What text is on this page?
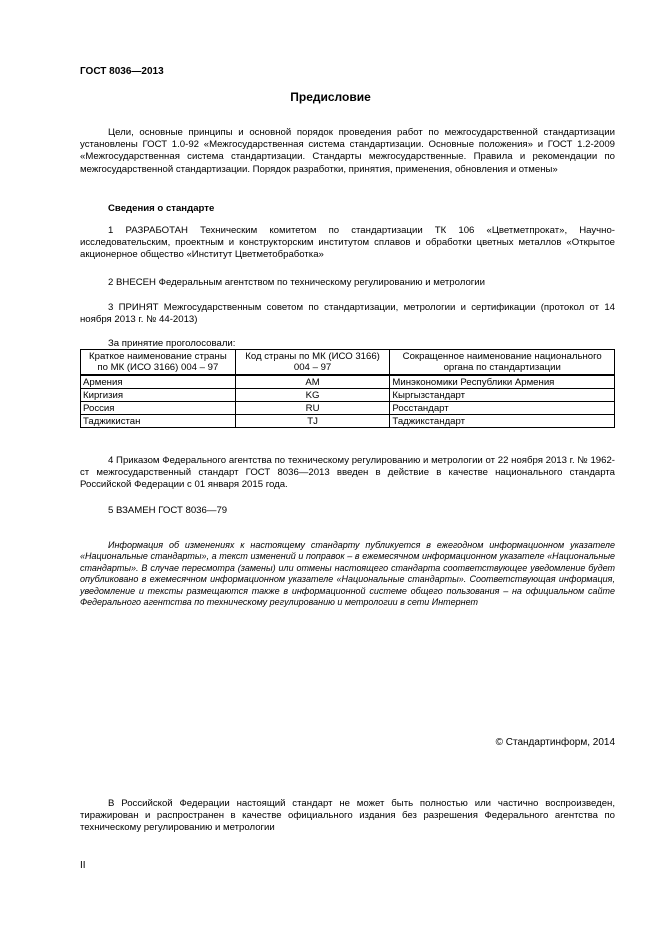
ГОСТ 8036—2013
Предисловие

Цели, основные принципы и основной порядок проведения работ по межгосударственной стандартизации установлены ГОСТ 1.0-92 «Межгосударственная система стандартизации. Основные положения» и ГОСТ 1.2-2009 «Межгосударственная система стандартизации. Стандарты межгосударственные. Правила и рекомендации по межгосударственной стандартизации. Порядок разработки, принятия, применения, обновления и отмены»

Сведения о стандарте

1 РАЗРАБОТАН Техническим комитетом по стандартизации ТК 106 «Цветметпрокат», Научно-исследовательским, проектным и конструкторским институтом сплавов и обработки цветных металлов «Открытое акционерное общество «Институт Цветметобработка»

2 ВНЕСЕН Федеральным агентством по техническому регулированию и метрологии

3 ПРИНЯТ Межгосударственным советом по стандартизации, метрологии и сертификации (протокол от 14 ноября 2013 г. № 44-2013)

За принятие проголосовали:
Краткое наименование страны по МК (ИСО 3166) 004 – 97	Код страны по МК (ИСО 3166) 004 – 97	Сокращенное наименование национального органа по стандартизации
Армения	AM	Минэкономики Республики Армения
Киргизия	KG	Кыргызстандарт
Россия	RU	Росстандарт
Таджикистан	TJ	Таджикстандарт

4 Приказом Федерального агентства по техническому регулированию и метрологии от 22 ноября 2013 г. № 1962-ст межгосударственный стандарт ГОСТ 8036—2013 введен в действие в качестве национального стандарта Российской Федерации с 01 января 2015 года.

5 ВЗАМЕН ГОСТ 8036—79

Информация об изменениях к настоящему стандарту публикуется в ежегодном информационном указателе «Национальные стандарты», а текст изменений и поправок – в ежемесячном информационном указателе «Национальные стандарты». В случае пересмотра (замены) или отмены настоящего стандарта соответствующее уведомление будет опубликовано в ежемесячном информационном указателе «Национальные стандарты». Соответствующая информация, уведомление и тексты размещаются также в информационной системе общего пользования – на официальном сайте Федерального агентства по техническому регулированию и метрологии в сети Интернет
© Стандартинформ, 2014
В Российской Федерации настоящий стандарт не может быть полностью или частично воспроизведен, тиражирован и распространен в качестве официального издания без разрешения Федерального агентства по техническому регулированию и метрологии
II
